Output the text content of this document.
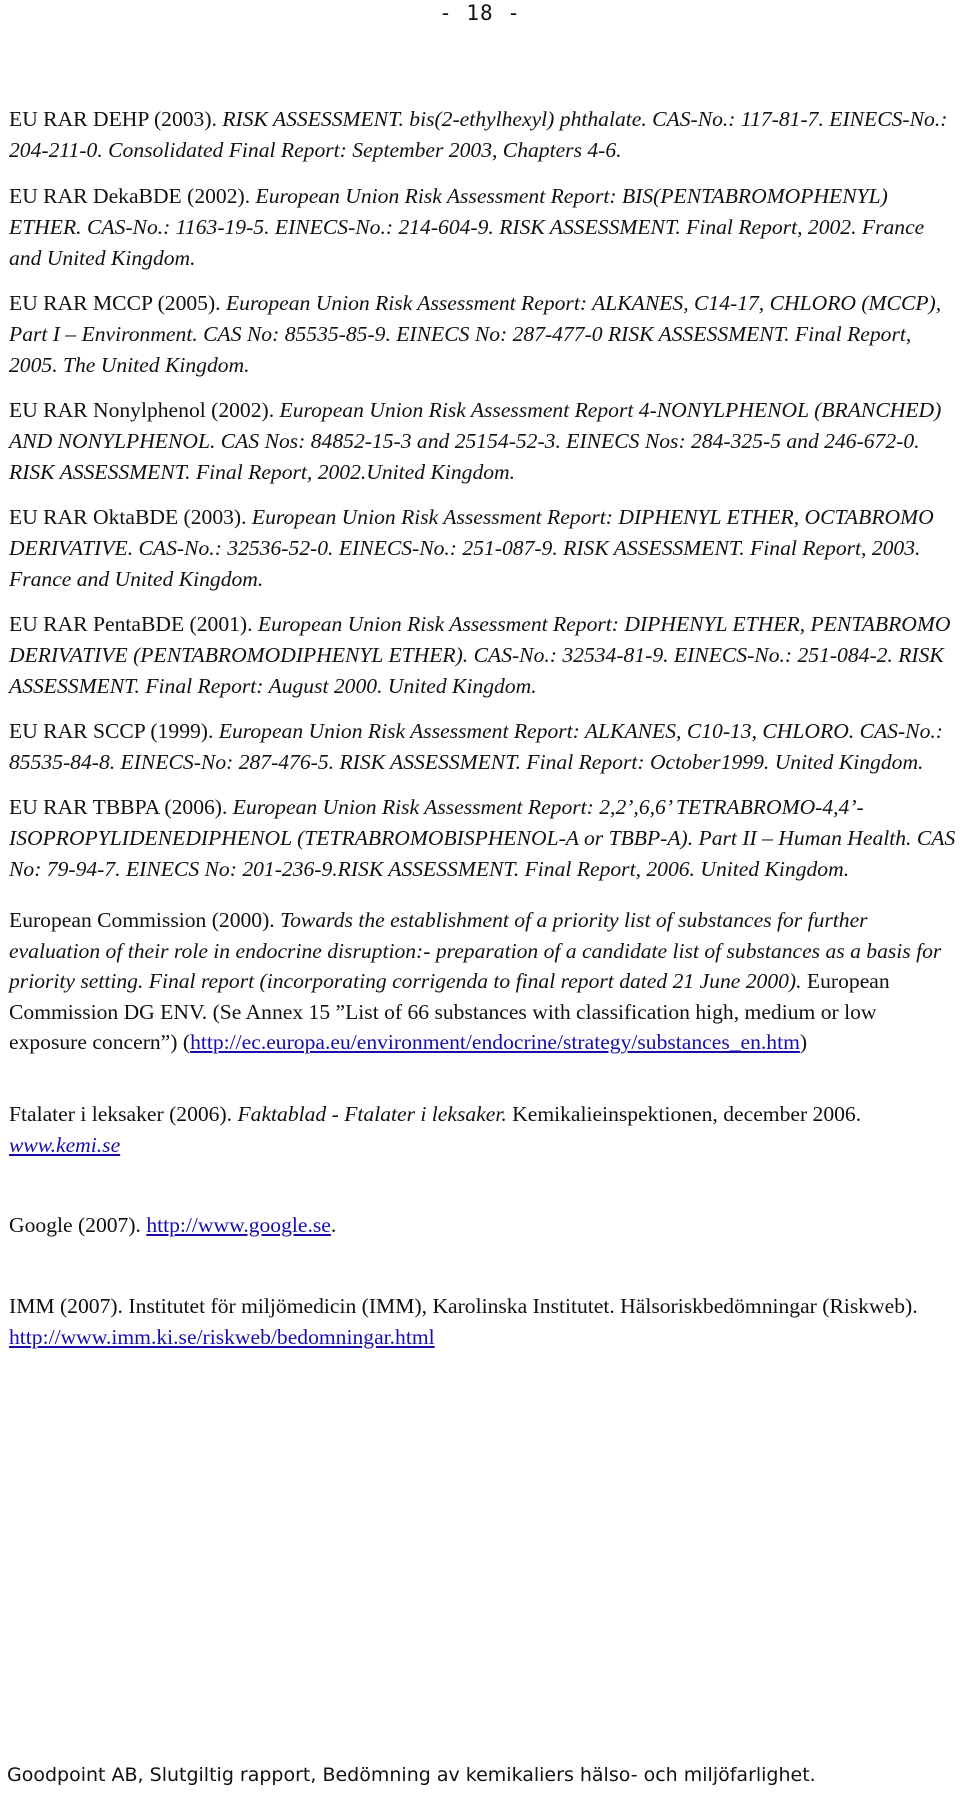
- 18 -

EU RAR DEHP (2003). RISK ASSESSMENT. bis(2-ethylhexyl) phthalate. CAS-No.: 117-81-7. EINECS-No.: 204-211-0. Consolidated Final Report: September 2003, Chapters 4-6.

EU RAR DekaBDE (2002). European Union Risk Assessment Report: BIS(PENTABROMOPHENYL) ETHER. CAS-No.: 1163-19-5. EINECS-No.: 214-604-9. RISK ASSESSMENT. Final Report, 2002. France and United Kingdom.

EU RAR MCCP (2005). European Union Risk Assessment Report: ALKANES, C14-17, CHLORO (MCCP), Part I – Environment. CAS No: 85535-85-9. EINECS No: 287-477-0 RISK ASSESSMENT. Final Report, 2005. The United Kingdom.

EU RAR Nonylphenol (2002). European Union Risk Assessment Report 4-NONYLPHENOL (BRANCHED) AND NONYLPHENOL. CAS Nos: 84852-15-3 and 25154-52-3. EINECS Nos: 284-325-5 and 246-672-0. RISK ASSESSMENT. Final Report, 2002.United Kingdom.

EU RAR OktaBDE (2003). European Union Risk Assessment Report: DIPHENYL ETHER, OCTABROMO DERIVATIVE. CAS-No.: 32536-52-0. EINECS-No.: 251-087-9. RISK ASSESSMENT. Final Report, 2003. France and United Kingdom.

EU RAR PentaBDE (2001). European Union Risk Assessment Report: DIPHENYL ETHER, PENTABROMO DERIVATIVE (PENTABROMODIPHENYL ETHER). CAS-No.: 32534-81-9. EINECS-No.: 251-084-2. RISK ASSESSMENT. Final Report: August 2000. United Kingdom.

EU RAR SCCP (1999). European Union Risk Assessment Report: ALKANES, C10-13, CHLORO. CAS-No.: 85535-84-8. EINECS-No: 287-476-5. RISK ASSESSMENT. Final Report: October1999. United Kingdom.

EU RAR TBBPA (2006). European Union Risk Assessment Report: 2,2’,6,6’ TETRABROMO-4,4’-ISOPROPYLIDENEDIPHENOL (TETRABROMOBISPHENOL-A or TBBP-A). Part II – Human Health. CAS No: 79-94-7. EINECS No: 201-236-9.RISK ASSESSMENT. Final Report, 2006. United Kingdom.

European Commission (2000). Towards the establishment of a priority list of substances for further evaluation of their role in endocrine disruption:- preparation of a candidate list of substances as a basis for priority setting. Final report (incorporating corrigenda to final report dated 21 June 2000). European Commission DG ENV. (Se Annex 15 ”List of 66 substances with classification high, medium or low exposure concern”) (http://ec.europa.eu/environment/endocrine/strategy/substances_en.htm)

Ftalater i leksaker (2006). Faktablad - Ftalater i leksaker. Kemikalieinspektionen, december 2006. www.kemi.se

Google (2007). http://www.google.se.

IMM (2007). Institutet för miljömedicin (IMM), Karolinska Institutet. Hälsoriskbedömningar (Riskweb). http://www.imm.ki.se/riskweb/bedomningar.html

Goodpoint AB, Slutgiltig rapport, Bedömning av kemikaliers hälso- och miljöfarlighet.
